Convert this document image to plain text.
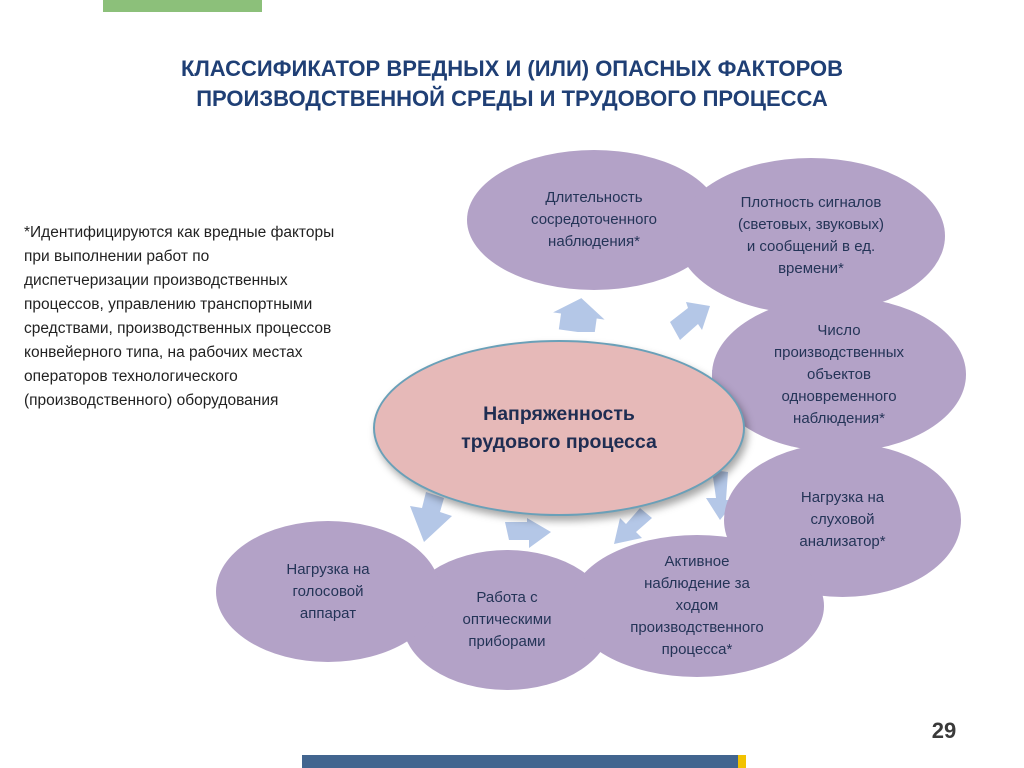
КЛАССИФИКАТОР ВРЕДНЫХ И (ИЛИ) ОПАСНЫХ ФАКТОРОВ
ПРОИЗВОДСТВЕННОЙ СРЕДЫ И ТРУДОВОГО ПРОЦЕССА
*Идентифицируются как вредные факторы
при выполнении работ по
диспетчеризации производственных
процессов, управлению транспортными
средствами, производственных процессов
конвейерного типа, на рабочих местах
операторов технологического
(производственного) оборудования
Длительность
сосредоточенного
наблюдения*
Плотность сигналов
(световых, звуковых)
и сообщений в ед.
времени*
Число
производственных
объектов
одновременного
наблюдения*
Нагрузка на
слуховой
анализатор*
Работа с
оптическими
приборами
Активное
наблюдение за
ходом
производственного
процесса*
Нагрузка на
голосовой
аппарат
Напряженность
трудового процесса
29
